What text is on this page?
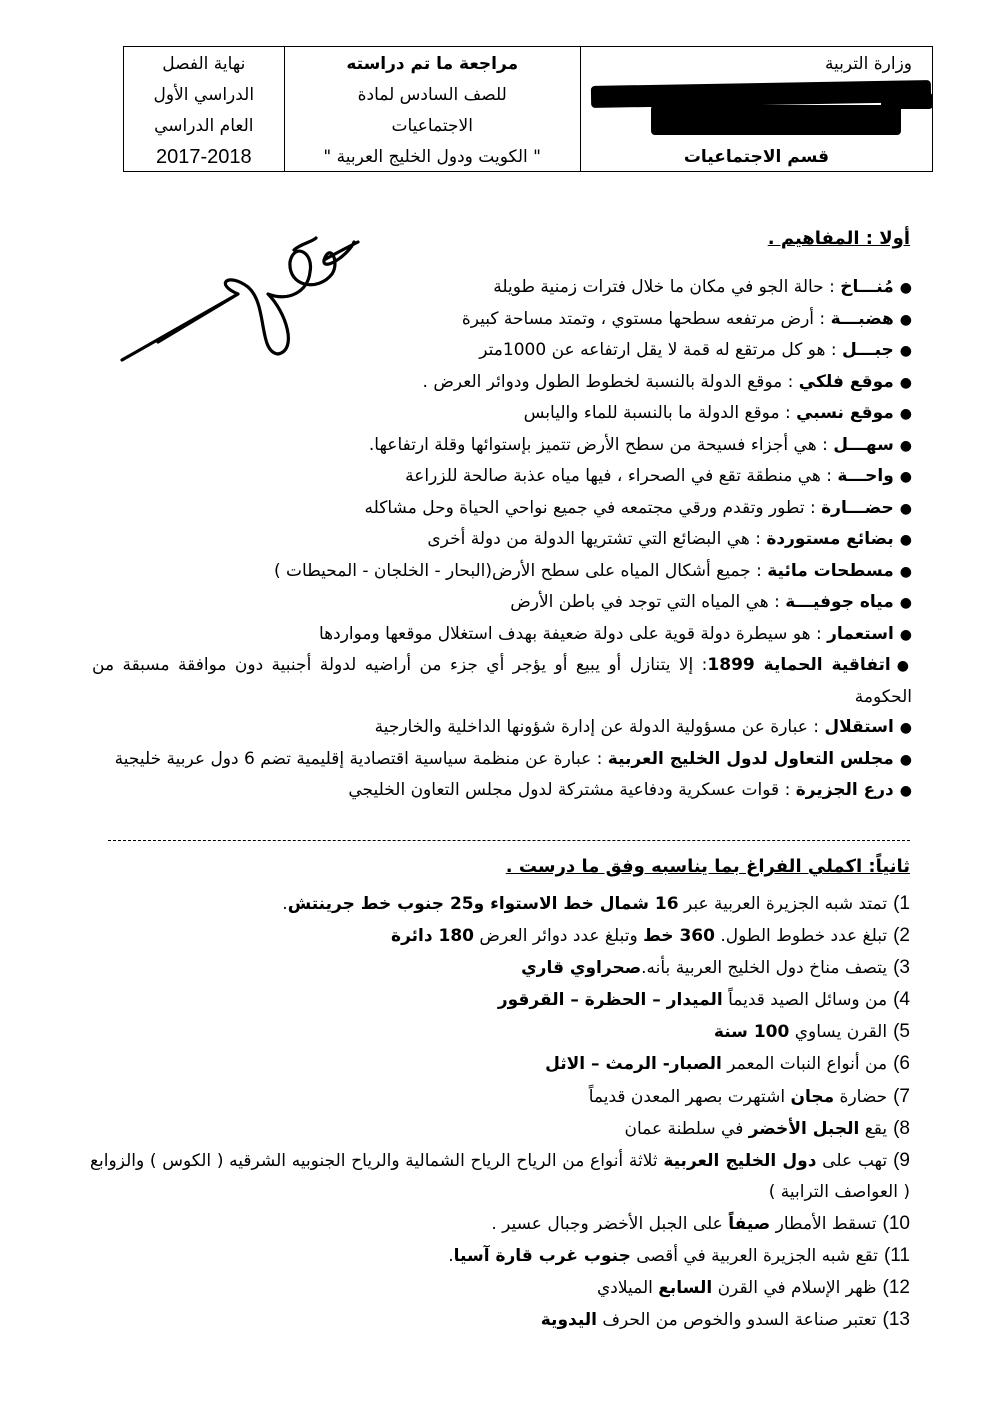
وزارة التربية
قسم الاجتماعيات
مراجعة ما تم دراسته
للصف السادس لمادة
الاجتماعيات
" الكويت ودول الخليج العربية "
نهاية الفصل
الدراسي الأول
العام الدراسي
2017-2018
أولا : المفاهيم .
●مُنـــاخ : حالة الجو في مكان ما خلال فترات زمنية طويلة
●هضبـــة : أرض مرتفعه سطحها مستوي ، وتمتد مساحة كبيرة
●جبـــل : هو كل مرتقع له قمة لا يقل ارتفاعه عن 1000متر
●موقع فلكي : موقع الدولة بالنسبة لخطوط الطول ودوائر العرض .
●موقع نسبي : موقع الدولة ما بالنسبة للماء واليابس
●سهـــل : هي أجزاء فسيحة من سطح الأرض تتميز بإستوائها وقلة ارتفاعها.
●واحـــة : هي منطقة تقع في الصحراء ، فيها مياه عذبة صالحة للزراعة
●حضـــارة : تطور وتقدم ورقي مجتمعه في جميع نواحي الحياة وحل مشاكله
●بضائع مستوردة : هي البضائع التي تشتريها الدولة من دولة أخرى
●مسطحات مائية : جميع أشكال المياه على سطح الأرض(البحار - الخلجان - المحيطات )
●مياه جوفيـــة : هي المياه التي توجد في باطن الأرض
●استعمار : هو سيطرة دولة قوية على دولة ضعيفة بهدف استغلال موقعها ومواردها
●اتفاقية الحماية 1899: إلا يتنازل أو يبيع أو يؤجر أي جزء من أراضيه لدولة أجنبية دون موافقة مسبقة من الحكومة
●استقلال : عبارة عن مسؤولية الدولة عن إدارة شؤونها الداخلية والخارجية
●مجلس التعاول لدول الخليج العربية : عبارة عن منظمة سياسية اقتصادية إقليمية تضم 6 دول عربية خليجية
●درع الجزيرة : قوات عسكرية ودفاعية مشتركة لدول مجلس التعاون الخليجي
ثانياً: اكملي الفراغ بما يناسبه وفق ما درست .
1)تمتد شبه الجزيرة العربية عبر 16 شمال خط الاستواء و25 جنوب خط جرينتش.
2)تبلغ عدد خطوط الطول. 360 خط وتبلغ عدد دوائر العرض 180 دائرة
3)يتصف مناخ دول الخليج العربية بأنه.صحراوي قاري
4)من وسائل الصيد قديماً الميدار – الحظرة – القرقور
5)القرن يساوي 100 سنة
6)من أنواع النبات المعمر الصبار- الرمث – الاثل
7)حضارة مجان اشتهرت بصهر المعدن قديماً
8)يقع الجبل الأخضر في سلطنة عمان
9)تهب على دول الخليج العربية ثلاثة أنواع من الرياح الرياح الشمالية والرياح الجنوبيه الشرقيه ( الكوس ) والزوابع ( العواصف الترابية )
10)تسقط الأمطار صيفاً على الجبل الأخضر وجبال عسير .
11)تقع شبه الجزيرة العربية في أقصى جنوب غرب قارة آسيا.
12)ظهر الإسلام في القرن السابع الميلادي
13)تعتبر صناعة السدو والخوص من الحرف اليدوية
